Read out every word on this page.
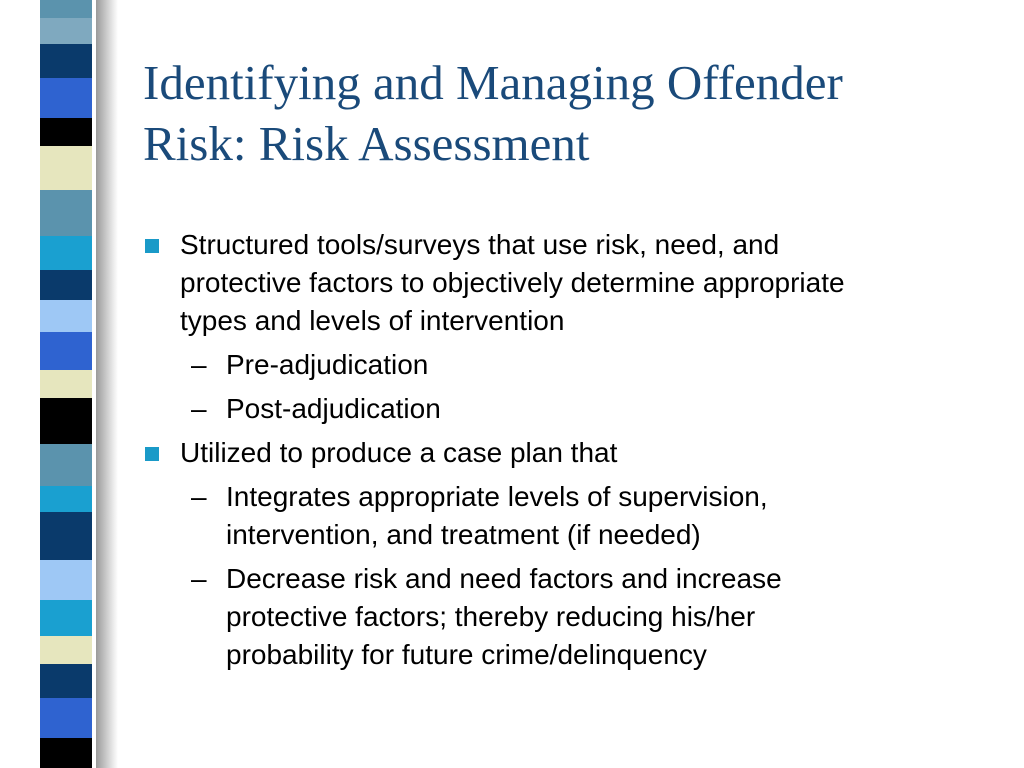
Identifying and Managing Offender
Risk: Risk Assessment
Structured tools/surveys that use risk, need, and
protective factors to objectively determine appropriate
types and levels of intervention
– Pre-adjudication
– Post-adjudication
Utilized to produce a case plan that
– Integrates appropriate levels of supervision,
intervention, and treatment (if needed)
– Decrease risk and need factors and increase
protective factors; thereby reducing his/her
probability for future crime/delinquency
